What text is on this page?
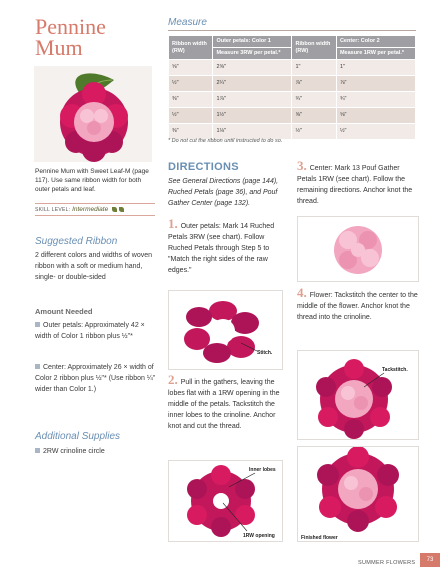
Pennine Mum
Pennine Mum with Sweet Leaf-M (page 117). Use same ribbon width for both outer petals and leaf.
SKILL LEVEL: Intermediate
Suggested Ribbon
2 different colors and widths of woven ribbon with a soft or medium hand, single- or double-sided
Amount Needed
Outer petals: Approximately 42 × width of Color 1 ribbon plus ½"*
Center: Approximately 26 × width of Color 2 ribbon plus ½"* (Use ribbon ¼" wider than Color 1.)
Additional Supplies
2RW crinoline circle
Measure
Ribbon width (RW)	Outer petals: Color 1	Ribbon width (RW)	Center: Color 2
	Measure 3RW per petal.*		Measure 1RW per petal.*
⅝"	2⅝"	1"	1"
½"	2¼"	⅞"	⅞"
⅜"	1⅞"	¾"	¾"
½"	1½"	⅝"	⅝"
⅜"	1⅛"	½"	½"
* Do not cut the ribbon until instructed to do so.
DIRECTIONS
See General Directions (page 144), Ruched Petals (page 36), and Pouf Gather Center (page 132).
1. Outer petals: Mark 14 Ruched Petals 3RW (see chart). Follow Ruched Petals through Step 5 to "Match the right sides of the raw edges."
Stitch.
2. Pull in the gathers, leaving the lobes flat with a 1RW opening in the middle of the petals. Tackstitch the inner lobes to the crinoline. Anchor knot and cut the thread.
Inner lobes
1RW opening
3. Center: Mark 13 Pouf Gather Petals 1RW (see chart). Follow the remaining directions. Anchor knot the thread.
4. Flower: Tackstitch the center to the middle of the flower. Anchor knot the thread into the crinoline.
Tackstitch.
Finished flower
SUMMER FLOWERS	73
